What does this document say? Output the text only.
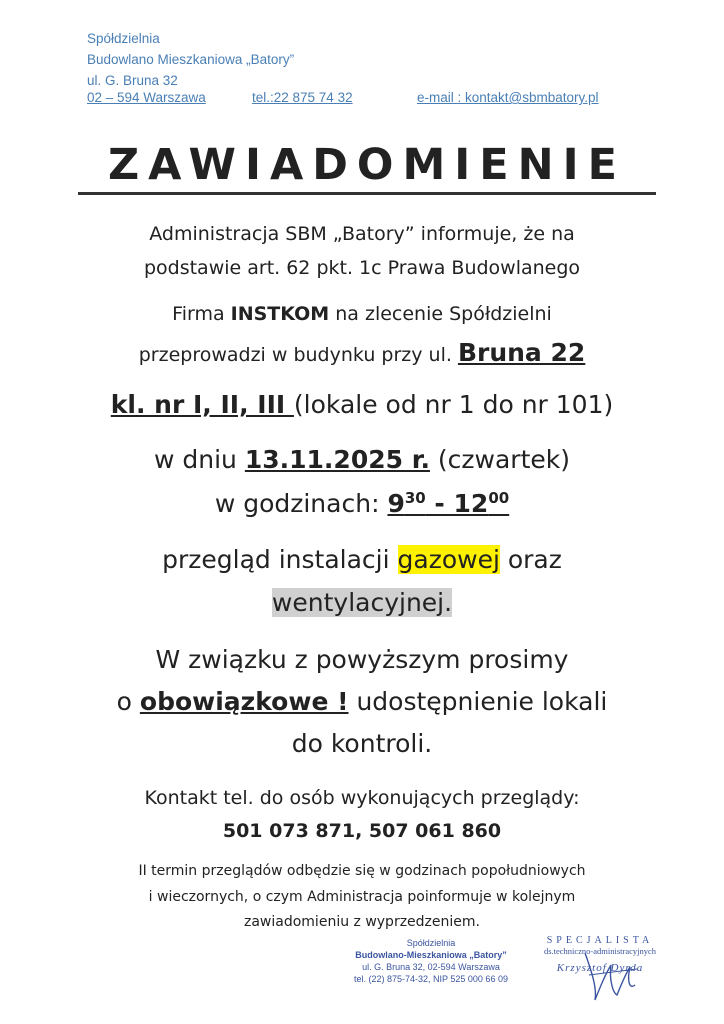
Spółdzielnia
Budowlano Mieszkaniowa „Batory”
ul. G. Bruna 32
02 – 594 Warszawa	tel.:22 875 74 32	e-mail : kontakt@sbmbatory.pl
ZAWIADOMIENIE
Administracja SBM „Batory” informuje, że na
podstawie art. 62 pkt. 1c Prawa Budowlanego
Firma INSTKOM na zlecenie Spółdzielni
przeprowadzi w budynku przy ul. Bruna 22
kl. nr I, II, III (lokale od nr 1 do nr 101)
w dniu 13.11.2025 r. (czwartek)
w godzinach: $9^{30} - 12^{00}$
przegląd instalacji gazowej oraz
wentylacyjnej.
W związku z powyższym prosimy
o obowiązkowe ! udostępnienie lokali
do kontroli.
Kontakt tel. do osób wykonujących przeglądy:
501 073 871, 507 061 860
II termin przeglądów odbędzie się w godzinach popołudniowych
i wieczornych, o czym Administracja poinformuje w kolejnym
zawiadomieniu z wyprzedzeniem.
Spółdzielnia
Budowlano-Mieszkaniowa „Batory”
ul. G. Bruna 32, 02-594 Warszawa
tel. (22) 875-74-32, NIP 525 000 66 09
SPECJALISTA
ds.techniczno-administracyjnych
Krzysztof Dyrda
